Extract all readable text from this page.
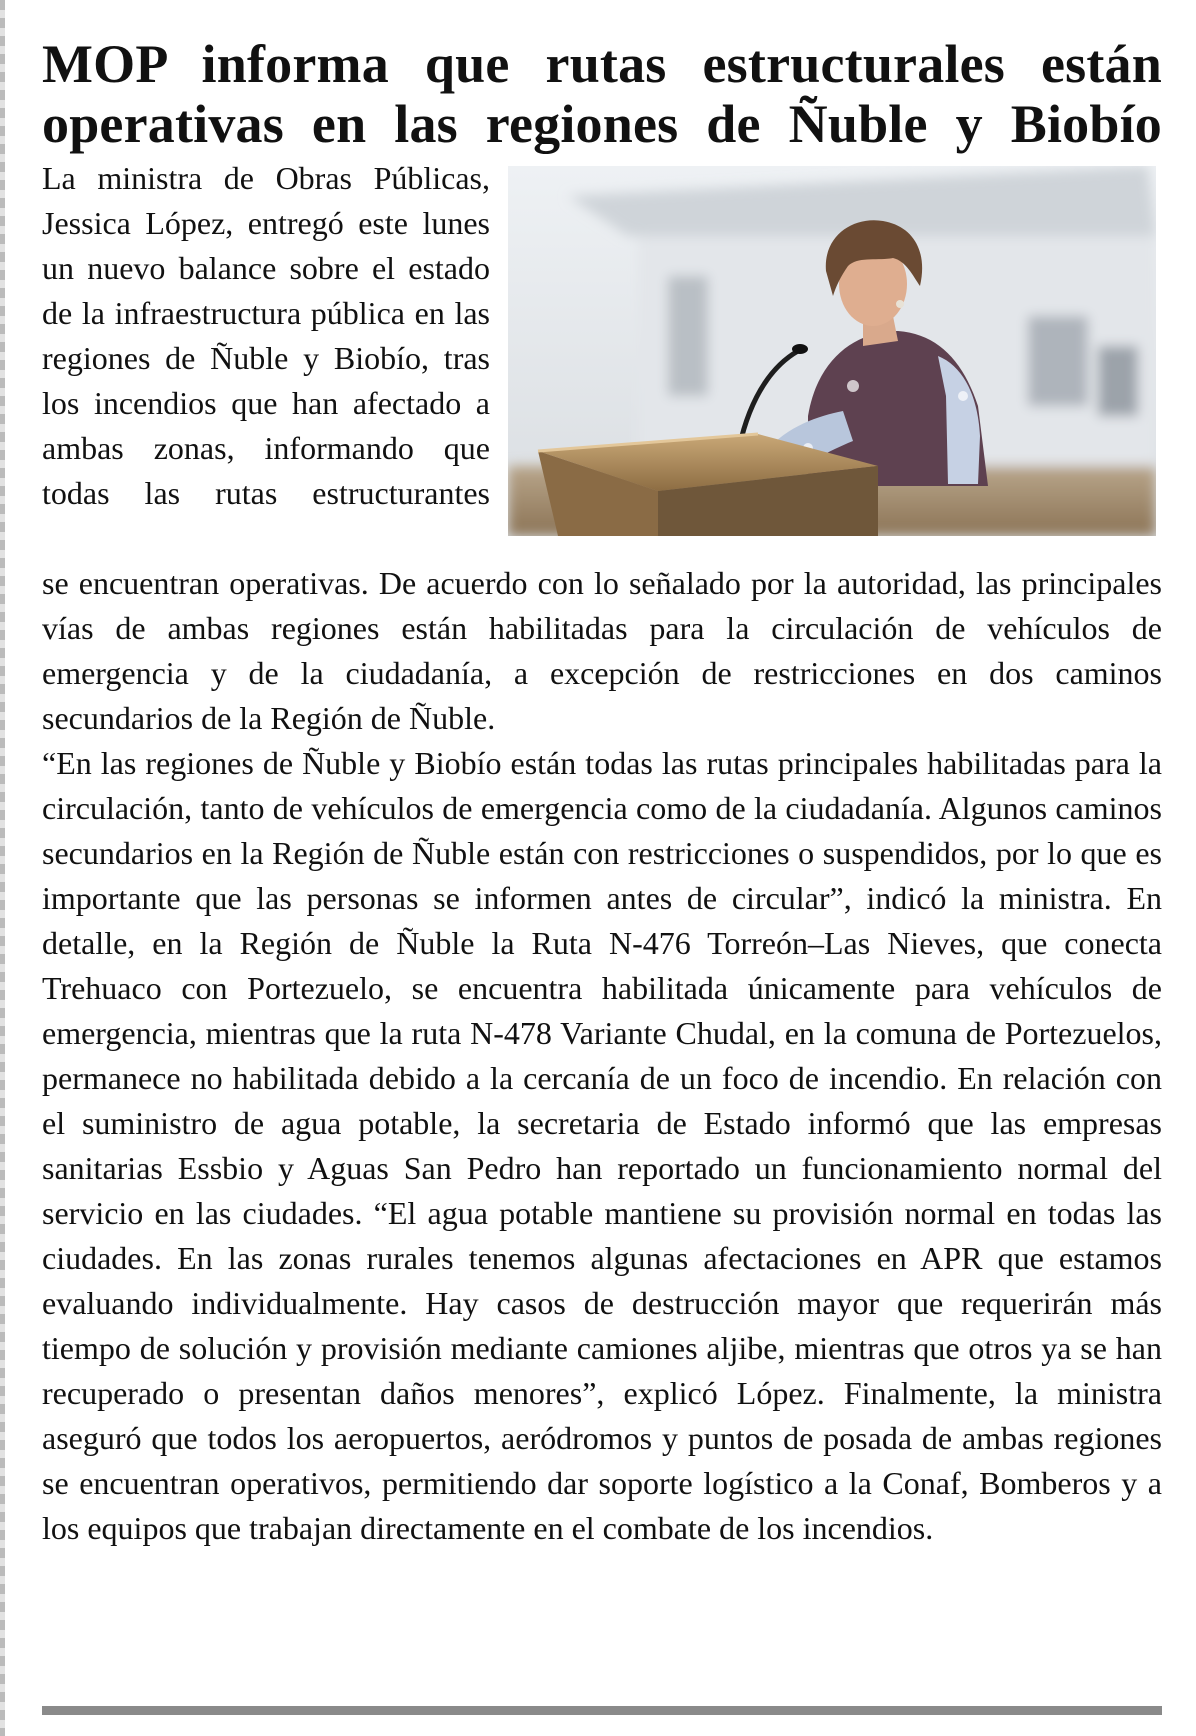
MOP informa que rutas estructurales están operativas en las regiones de Ñuble y Biobío

La ministra de Obras Públicas, Jessica López, entregó este lunes un nuevo balance sobre el estado de la infraestructura pública en las regiones de Ñuble y Biobío, tras los incendios que han afectado a ambas zonas, informando que todas las rutas estructurantes

se encuentran operativas. De acuerdo con lo señalado por la autoridad, las principales vías de ambas regiones están habilitadas para la circulación de vehículos de emergencia y de la ciudadanía, a excepción de restricciones en dos caminos secundarios de la Región de Ñuble.

“En las regiones de Ñuble y Biobío están todas las rutas principales habilitadas para la circulación, tanto de vehículos de emergencia como de la ciudadanía. Algunos caminos secundarios en la Región de Ñuble están con restricciones o suspendidos, por lo que es importante que las personas se informen antes de circular”, indicó la ministra. En detalle, en la Región de Ñuble la Ruta N-476 Torreón–Las Nieves, que conecta Trehuaco con Portezuelo, se encuentra habilitada únicamente para vehículos de emergencia, mientras que la ruta N-478 Variante Chudal, en la comuna de Portezuelos, permanece no habilitada debido a la cercanía de un foco de incendio. En relación con el suministro de agua potable, la secretaria de Estado informó que las empresas sanitarias Essbio y Aguas San Pedro han reportado un funcionamiento normal del servicio en las ciudades. “El agua potable mantiene su provisión normal en todas las ciudades. En las zonas rurales tenemos algunas afectaciones en APR que estamos evaluando individualmente. Hay casos de destrucción mayor que requerirán más tiempo de solución y provisión mediante camiones aljibe, mientras que otros ya se han recuperado o presentan daños menores”, explicó López. Finalmente, la ministra aseguró que todos los aeropuertos, aeródromos y puntos de posada de ambas regiones se encuentran operativos, permitiendo dar soporte logístico a la Conaf, Bomberos y a los equipos que trabajan directamente en el combate de los incendios.
